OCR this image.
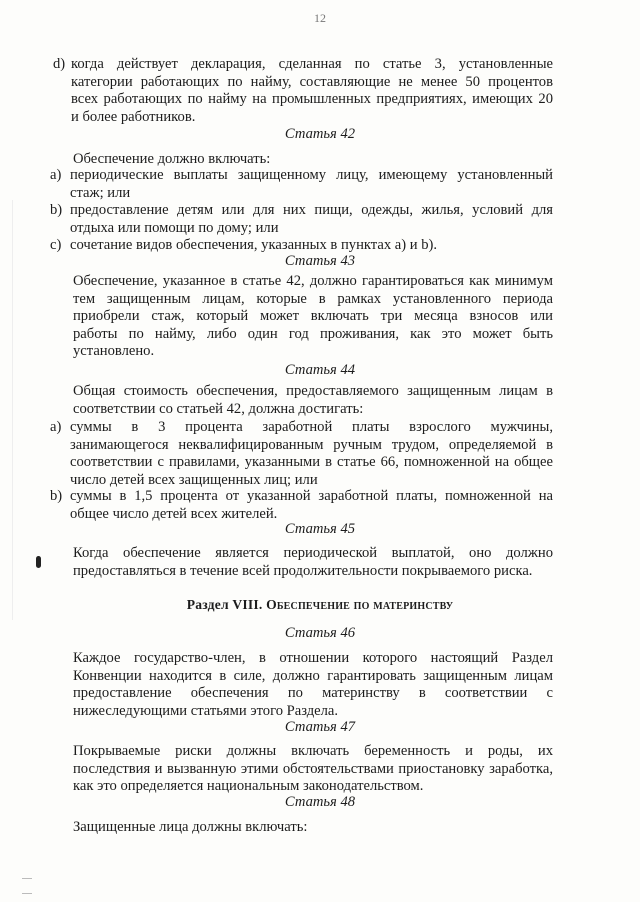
12
d) когда действует декларация, сделанная по статье 3, установленные
категории работающих по найму, составляющие не менее 50 процентов
всех работающих по найму на промышленных предприятиях, имеющих 20
и более работников.
Статья 42
Обеспечение должно включать:
a) периодические выплаты защищенному лицу, имеющему установленный
стаж; или
b) предоставление детям или для них пищи, одежды, жилья, условий для
отдыха или помощи по дому; или
c) сочетание видов обеспечения, указанных в пунктах a) и b).
Статья 43
Обеспечение, указанное в статье 42, должно гарантироваться как минимум
тем защищенным лицам, которые в рамках установленного периода
приобрели стаж, который может включать три месяца взносов или
работы по найму, либо один год проживания, как это может быть
установлено.
Статья 44
Общая стоимость обеспечения, предоставляемого защищенным лицам в
соответствии со статьей 42, должна достигать:
a) суммы в 3 процента заработной платы взрослого мужчины,
занимающегося неквалифицированным ручным трудом, определяемой в
соответствии с правилами, указанными в статье 66, помноженной на общее
число детей всех защищенных лиц; или
b) суммы в 1,5 процента от указанной заработной платы, помноженной на
общее число детей всех жителей.
Статья 45
Когда обеспечение является периодической выплатой, оно должно
предоставляться в течение всей продолжительности покрываемого риска.
Раздел VIII. Обеспечение по материнству
Статья 46
Каждое государство-член, в отношении которого настоящий Раздел
Конвенции находится в силе, должно гарантировать защищенным лицам
предоставление обеспечения по материнству в соответствии с
нижеследующими статьями этого Раздела.
Статья 47
Покрываемые риски должны включать беременность и роды, их
последствия и вызванную этими обстоятельствами приостановку заработка,
как это определяется национальным законодательством.
Статья 48
Защищенные лица должны включать:
